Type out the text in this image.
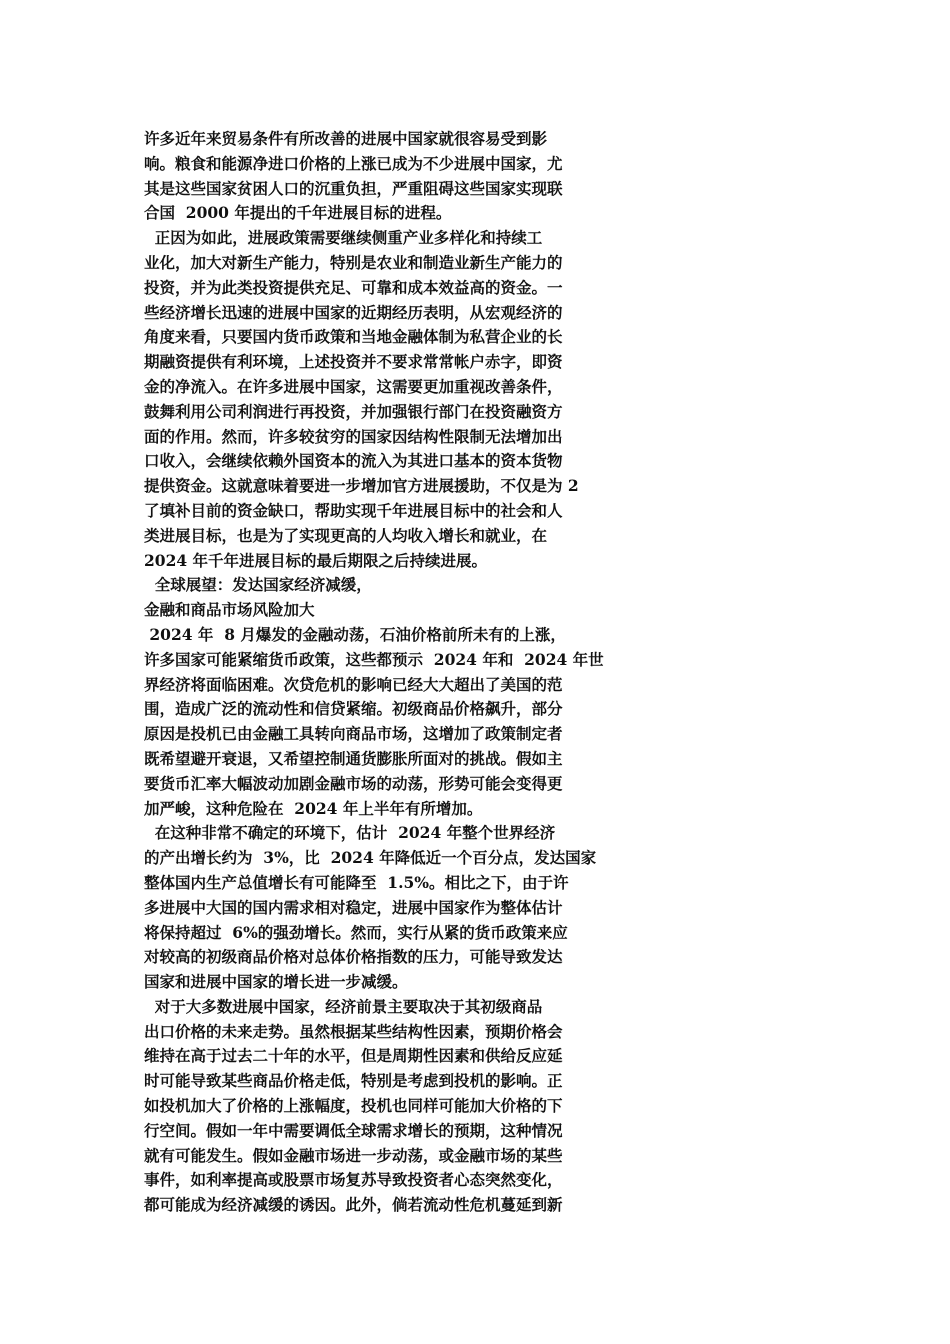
许多近年来贸易条件有所改善的进展中国家就很容易受到影
响。粮食和能源净进口价格的上涨已成为不少进展中国家，尤
其是这些国家贫困人口的沉重负担，严重阻碍这些国家实现联
合国  2000 年提出的千年进展目标的进程。
正因为如此，进展政策需要继续侧重产业多样化和持续工
业化，加大对新生产能力，特别是农业和制造业新生产能力的
投资，并为此类投资提供充足、可靠和成本效益高的资金。一
些经济增长迅速的进展中国家的近期经历表明，从宏观经济的
角度来看，只要国内货币政策和当地金融体制为私营企业的长
期融资提供有利环境，上述投资并不要求常常帐户赤字，即资
金的净流入。在许多进展中国家，这需要更加重视改善条件，
鼓舞利用公司利润进行再投资，并加强银行部门在投资融资方
面的作用。然而，许多较贫穷的国家因结构性限制无法增加出
口收入，会继续依赖外国资本的流入为其进口基本的资本货物
提供资金。这就意味着要进一步增加官方进展援助，不仅是为 2
了填补目前的资金缺口，帮助实现千年进展目标中的社会和人
类进展目标，也是为了实现更高的人均收入增长和就业，在
2024 年千年进展目标的最后期限之后持续进展。
全球展望：发达国家经济减缓，
金融和商品市场风险加大
2024 年  8 月爆发的金融动荡，石油价格前所未有的上涨，
许多国家可能紧缩货币政策，这些都预示  2024 年和  2024 年世
界经济将面临困难。次贷危机的影响已经大大超出了美国的范
围，造成广泛的流动性和信贷紧缩。初级商品价格飙升，部分
原因是投机已由金融工具转向商品市场，这增加了政策制定者
既希望避开衰退，又希望控制通货膨胀所面对的挑战。假如主
要货币汇率大幅波动加剧金融市场的动荡，形势可能会变得更
加严峻，这种危险在  2024 年上半年有所增加。
在这种非常不确定的环境下，估计  2024 年整个世界经济
的产出增长约为  3%，比  2024 年降低近一个百分点，发达国家
整体国内生产总值增长有可能降至  1.5%。相比之下，由于许
多进展中大国的国内需求相对稳定，进展中国家作为整体估计
将保持超过  6%的强劲增长。然而，实行从紧的货币政策来应
对较高的初级商品价格对总体价格指数的压力，可能导致发达
国家和进展中国家的增长进一步减缓。
对于大多数进展中国家，经济前景主要取决于其初级商品
出口价格的未来走势。虽然根据某些结构性因素，预期价格会
维持在高于过去二十年的水平，但是周期性因素和供给反应延
时可能导致某些商品价格走低，特别是考虑到投机的影响。正
如投机加大了价格的上涨幅度，投机也同样可能加大价格的下
行空间。假如一年中需要调低全球需求增长的预期，这种情况
就有可能发生。假如金融市场进一步动荡，或金融市场的某些
事件，如利率提高或股票市场复苏导致投资者心态突然变化，
都可能成为经济减缓的诱因。此外，倘若流动性危机蔓延到新
